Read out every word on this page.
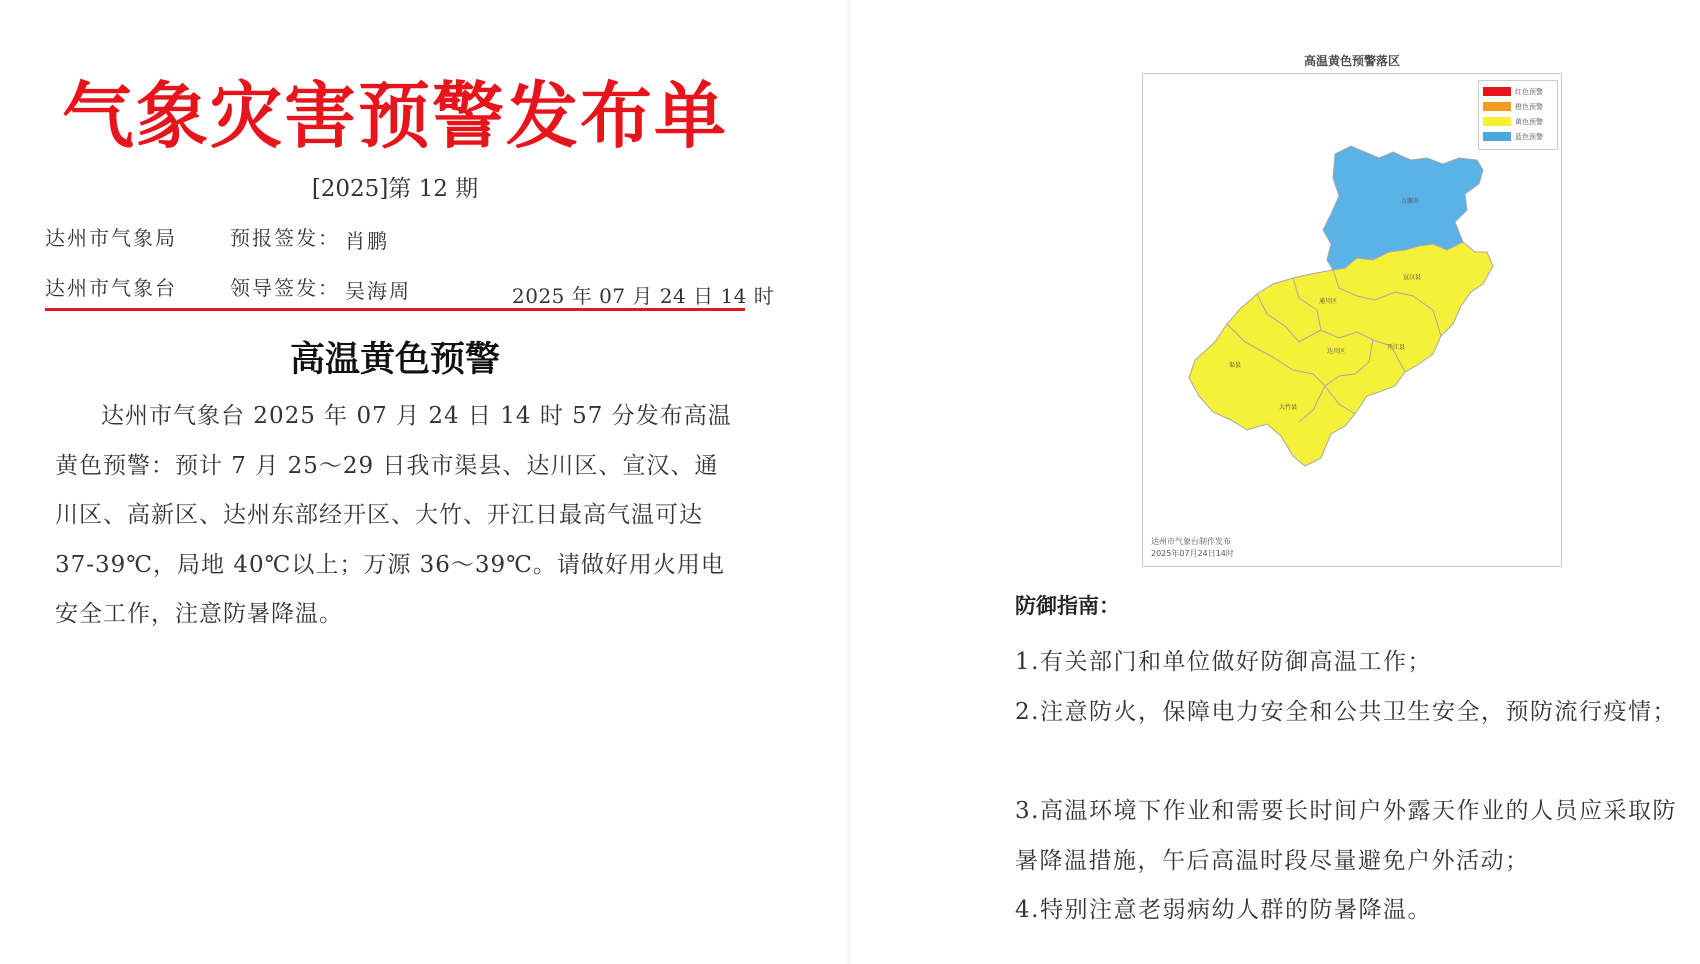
气象灾害预警发布单
[2025]第 12 期
达州市气象局	预报签发： 肖鹏
达州市气象台	领导签发： 吴海周	2025 年 07 月 24 日 14 时
高温黄色预警

达州市气象台 2025 年 07 月 24 日 14 时 57 分发布高温黄色预警：预计 7 月 25～29 日我市渠县、达川区、宣汉、通川区、高新区、达州东部经开区、大竹、开江日最高气温可达 37-39℃，局地 40℃以上；万源 36～39℃。请做好用火用电安全工作，注意防暑降温。

高温黄色预警落区
红色预警
橙色预警
黄色预警
蓝色预警
万源市
宣汉县
通川区
达川区
开江县
渠县
大竹县
达州市气象台制作发布
2025年07月24日14时
防御指南：

1.有关部门和单位做好防御高温工作；

2.注意防火，保障电力安全和公共卫生安全，预防流行疫情；

3.高温环境下作业和需要长时间户外露天作业的人员应采取防暑降温措施，午后高温时段尽量避免户外活动；

4.特别注意老弱病幼人群的防暑降温。
